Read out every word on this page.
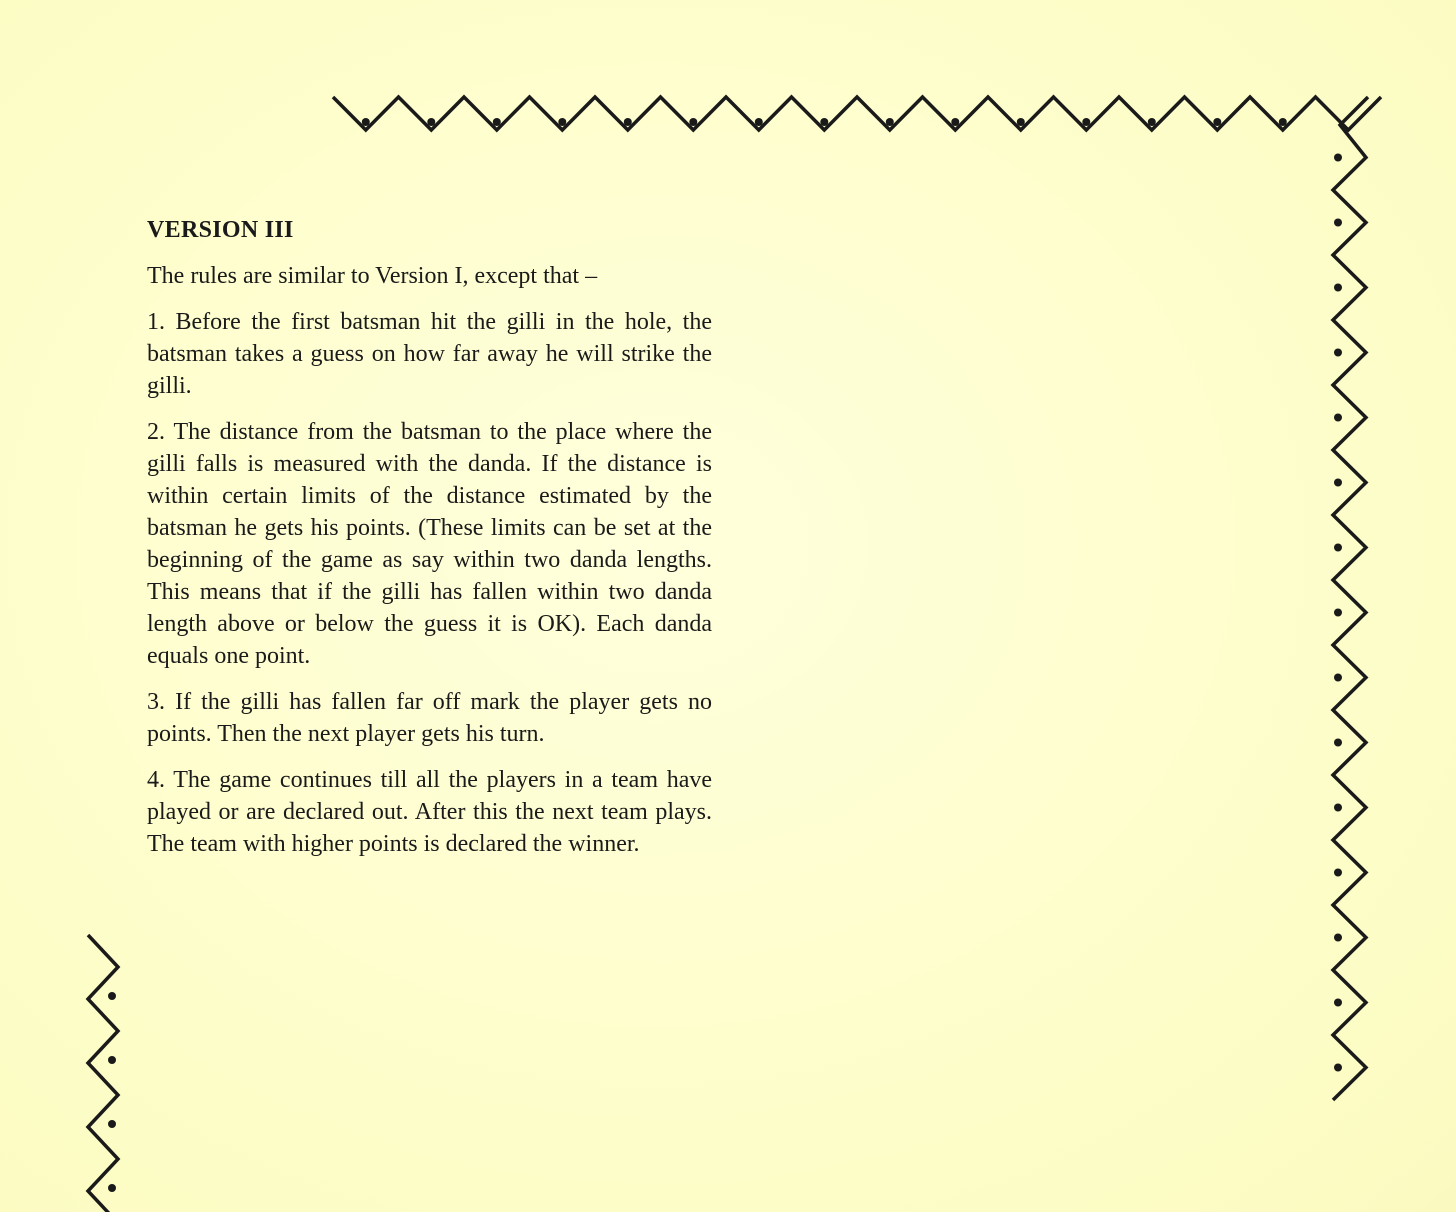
VERSION III
The rules are similar to Version I, except that –
1. Before the first batsman hit the gilli in the hole, the batsman takes a guess on how far away he will strike the gilli.
2. The distance from the batsman to the place where the gilli falls is measured with the danda. If the distance is within certain limits of the distance estimated by the batsman he gets his points. (These limits can be set at the beginning of the game as say within two danda lengths. This means that if the gilli has fallen within two danda length above or below the guess it is OK). Each danda equals one point.
3. If the gilli has fallen far off mark the player gets no points. Then the next player gets his turn.
4. The game continues till all the players in a team have played or are declared out. After this the next team plays. The team with higher points is declared the winner.
